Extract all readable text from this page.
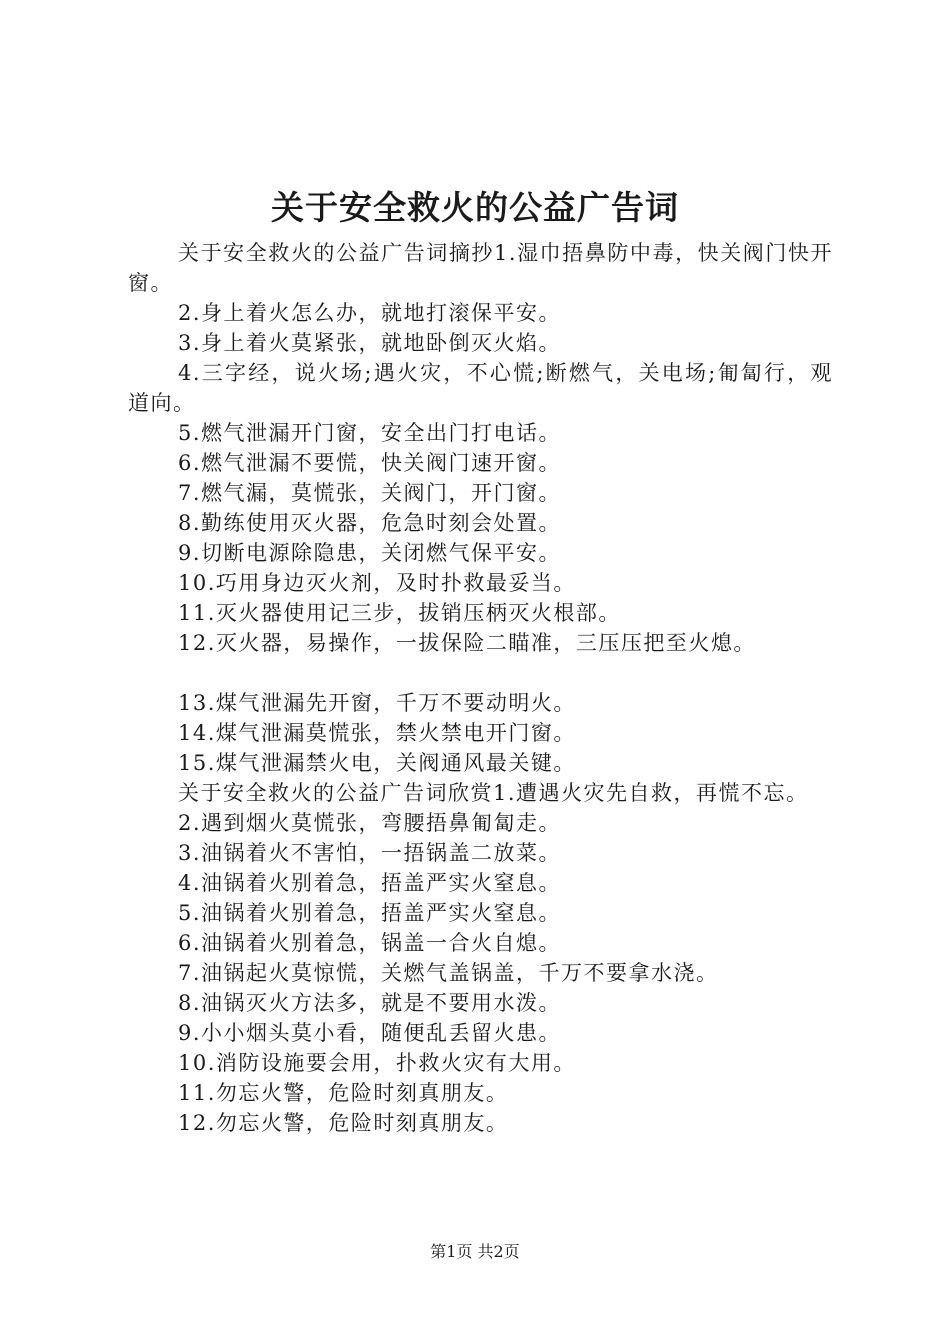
关于安全救火的公益广告词

关于安全救火的公益广告词摘抄1.湿巾捂鼻防中毒，快关阀门快开窗。

2.身上着火怎么办，就地打滚保平安。

3.身上着火莫紧张，就地卧倒灭火焰。

4.三字经，说火场;遇火灾，不心慌;断燃气，关电场;匍匐行，观道向。

5.燃气泄漏开门窗，安全出门打电话。

6.燃气泄漏不要慌，快关阀门速开窗。

7.燃气漏，莫慌张，关阀门，开门窗。

8.勤练使用灭火器，危急时刻会处置。

9.切断电源除隐患，关闭燃气保平安。

10.巧用身边灭火剂，及时扑救最妥当。

11.灭火器使用记三步，拔销压柄灭火根部。

12.灭火器，易操作，一拔保险二瞄准，三压压把至火熄。

13.煤气泄漏先开窗，千万不要动明火。

14.煤气泄漏莫慌张，禁火禁电开门窗。

15.煤气泄漏禁火电，关阀通风最关键。

关于安全救火的公益广告词欣赏1.遭遇火灾先自救，再慌不忘。

2.遇到烟火莫慌张，弯腰捂鼻匍匐走。

3.油锅着火不害怕，一捂锅盖二放菜。

4.油锅着火别着急，捂盖严实火窒息。

5.油锅着火别着急，捂盖严实火窒息。

6.油锅着火别着急，锅盖一合火自熄。

7.油锅起火莫惊慌，关燃气盖锅盖，千万不要拿水浇。

8.油锅灭火方法多，就是不要用水泼。

9.小小烟头莫小看，随便乱丢留火患。

10.消防设施要会用，扑救火灾有大用。

11.勿忘火警，危险时刻真朋友。

12.勿忘火警，危险时刻真朋友。

第1页 共2页
